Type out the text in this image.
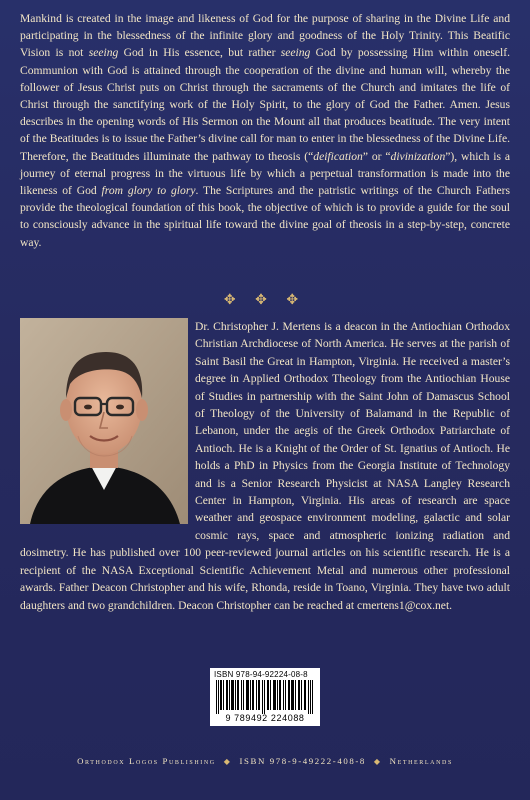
Mankind is created in the image and likeness of God for the purpose of sharing in the Divine Life and participating in the blessedness of the infinite glory and goodness of the Holy Trinity. This Beatific Vision is not seeing God in His essence, but rather seeing God by possessing Him within oneself. Communion with God is attained through the cooperation of the divine and human will, whereby the follower of Jesus Christ puts on Christ through the sacraments of the Church and imitates the life of Christ through the sanctifying work of the Holy Spirit, to the glory of God the Father. Amen. Jesus describes in the opening words of His Sermon on the Mount all that produces beatitude. The very intent of the Beatitudes is to issue the Father’s divine call for man to enter in the blessedness of the Divine Life. Therefore, the Beatitudes illuminate the pathway to theosis (“deification” or “divinization”), which is a journey of eternal progress in the virtuous life by which a perpetual transformation is made into the likeness of God from glory to glory. The Scriptures and the patristic writings of the Church Fathers provide the theological foundation of this book, the objective of which is to provide a guide for the soul to consciously advance in the spiritual life toward the divine goal of theosis in a step-by-step, concrete way.

✥ ✥ ✥

Dr. Christopher J. Mertens is a deacon in the Antiochian Orthodox Christian Archdiocese of North America. He serves at the parish of Saint Basil the Great in Hampton, Virginia. He received a master’s degree in Applied Orthodox Theology from the Antiochian House of Studies in partnership with the Saint John of Damascus School of Theology of the University of Balamand in the Republic of Lebanon, under the aegis of the Greek Orthodox Patriarchate of Antioch. He is a Knight of the Order of St. Ignatius of Antioch. He holds a PhD in Physics from the Georgia Institute of Technology and is a Senior Research Physicist at NASA Langley Research Center in Hampton, Virginia. His areas of research are space weather and geospace environment modeling, galactic and solar cosmic rays, space and atmospheric ionizing radiation and dosimetry. He has published over 100 peer-reviewed journal articles on his scientific research. He is a recipient of the NASA Exceptional Scientific Achievement Metal and numerous other professional awards. Father Deacon Christopher and his wife, Rhonda, reside in Toano, Virginia. They have two adult daughters and two grandchildren. Deacon Christopher can be reached at cmertens1@cox.net.

ISBN 978-94-92224-08-8
9 789492 224088
Orthodox Logos Publishing ◆ ISBN 978-9-49222-408-8 ◆ Netherlands
